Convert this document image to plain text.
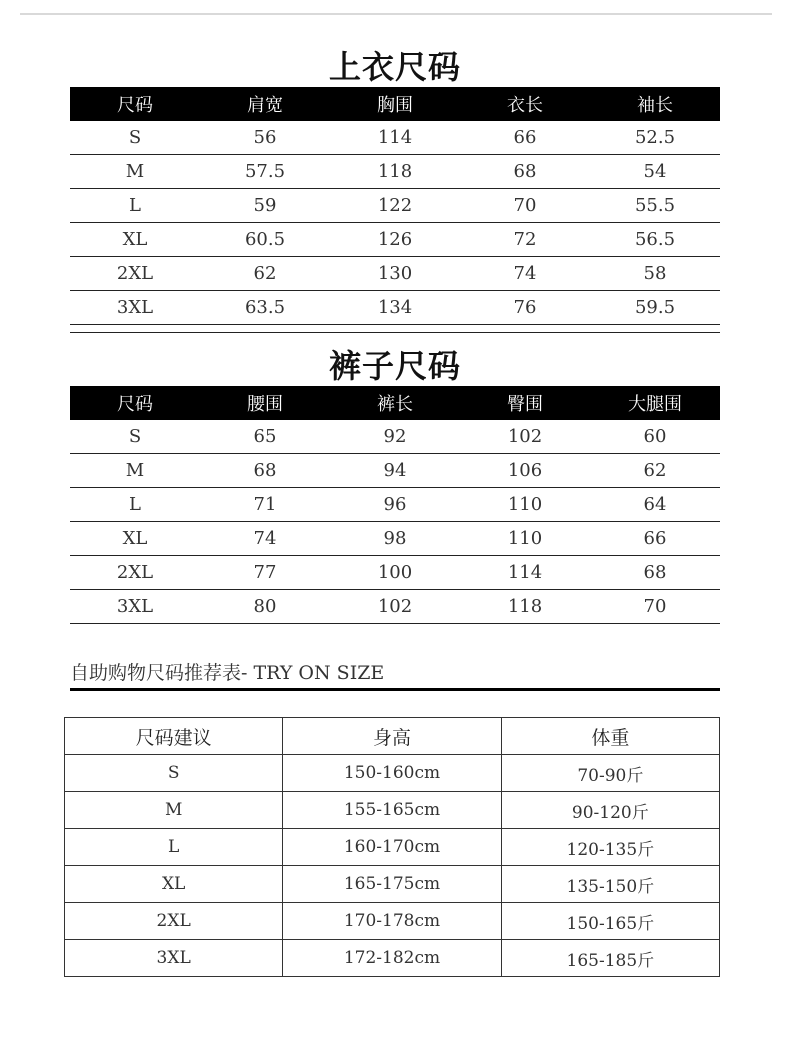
上衣尺码
尺码	肩宽	胸围	衣长	袖长
S	56	114	66	52.5
M	57.5	118	68	54
L	59	122	70	55.5
XL	60.5	126	72	56.5
2XL	62	130	74	58
3XL	63.5	134	76	59.5
裤子尺码
尺码	腰围	裤长	臀围	大腿围
S	65	92	102	60
M	68	94	106	62
L	71	96	110	64
XL	74	98	110	66
2XL	77	100	114	68
3XL	80	102	118	70
自助购物尺码推荐表- TRY ON SIZE
尺码建议	身高	体重
S	150-160cm	70-90斤
M	155-165cm	90-120斤
L	160-170cm	120-135斤
XL	165-175cm	135-150斤
2XL	170-178cm	150-165斤
3XL	172-182cm	165-185斤
